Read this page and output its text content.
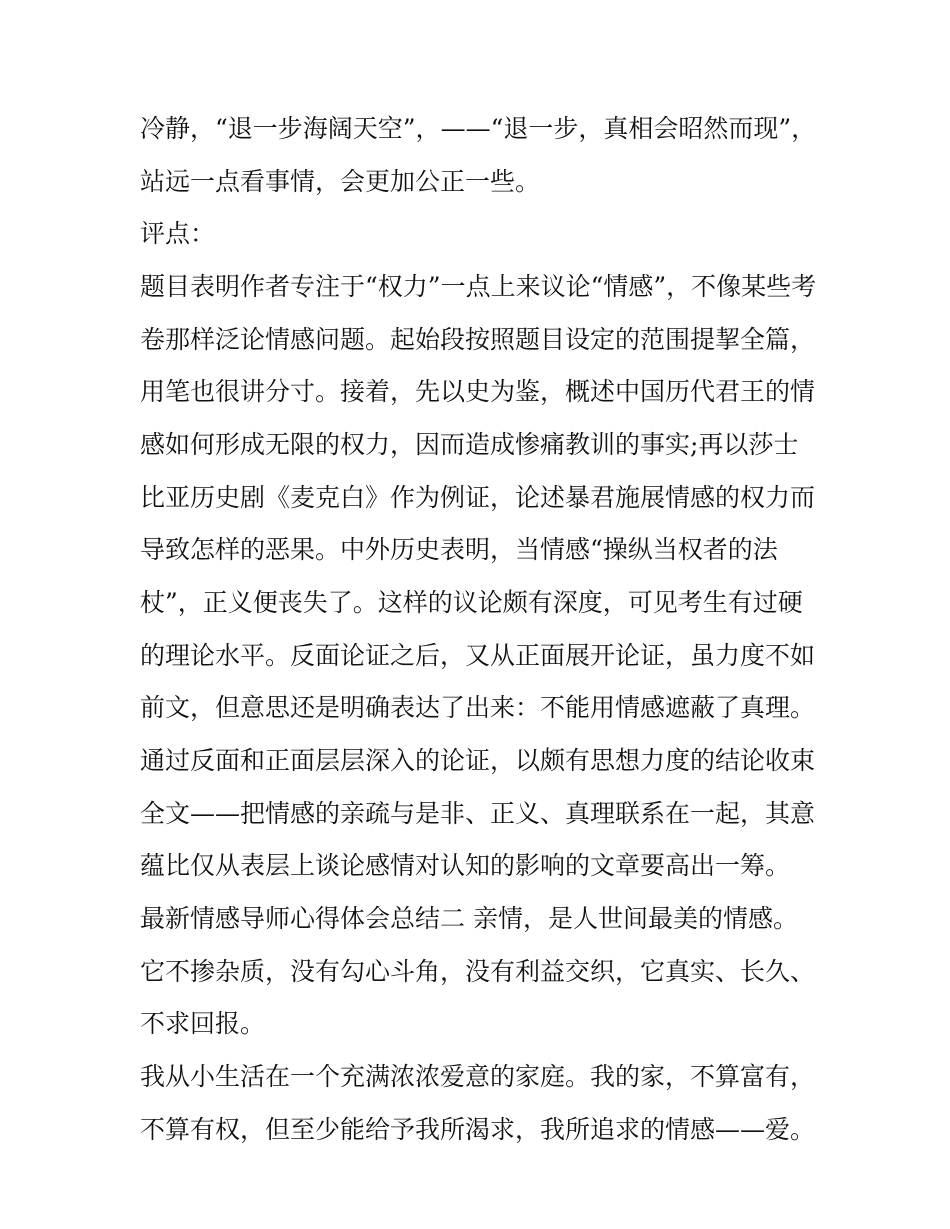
冷静，“退一步海阔天空”，——“退一步，真相会昭然而现”，
站远一点看事情，会更加公正一些。
评点：
题目表明作者专注于“权力”一点上来议论“情感”，不像某些考
卷那样泛论情感问题。起始段按照题目设定的范围提挈全篇，
用笔也很讲分寸。接着，先以史为鉴，概述中国历代君王的情
感如何形成无限的权力，因而造成惨痛教训的事实;再以莎士
比亚历史剧《麦克白》作为例证，论述暴君施展情感的权力而
导致怎样的恶果。中外历史表明，当情感“操纵当权者的法
杖”，正义便丧失了。这样的议论颇有深度，可见考生有过硬
的理论水平。反面论证之后，又从正面展开论证，虽力度不如
前文，但意思还是明确表达了出来：不能用情感遮蔽了真理。
通过反面和正面层层深入的论证，以颇有思想力度的结论收束
全文——把情感的亲疏与是非、正义、真理联系在一起，其意
蕴比仅从表层上谈论感情对认知的影响的文章要高出一筹。
最新情感导师心得体会总结二 亲情，是人世间最美的情感。
它不掺杂质，没有勾心斗角，没有利益交织，它真实、长久、
不求回报。
我从小生活在一个充满浓浓爱意的家庭。我的家，不算富有，
不算有权，但至少能给予我所渴求，我所追求的情感——爱。
